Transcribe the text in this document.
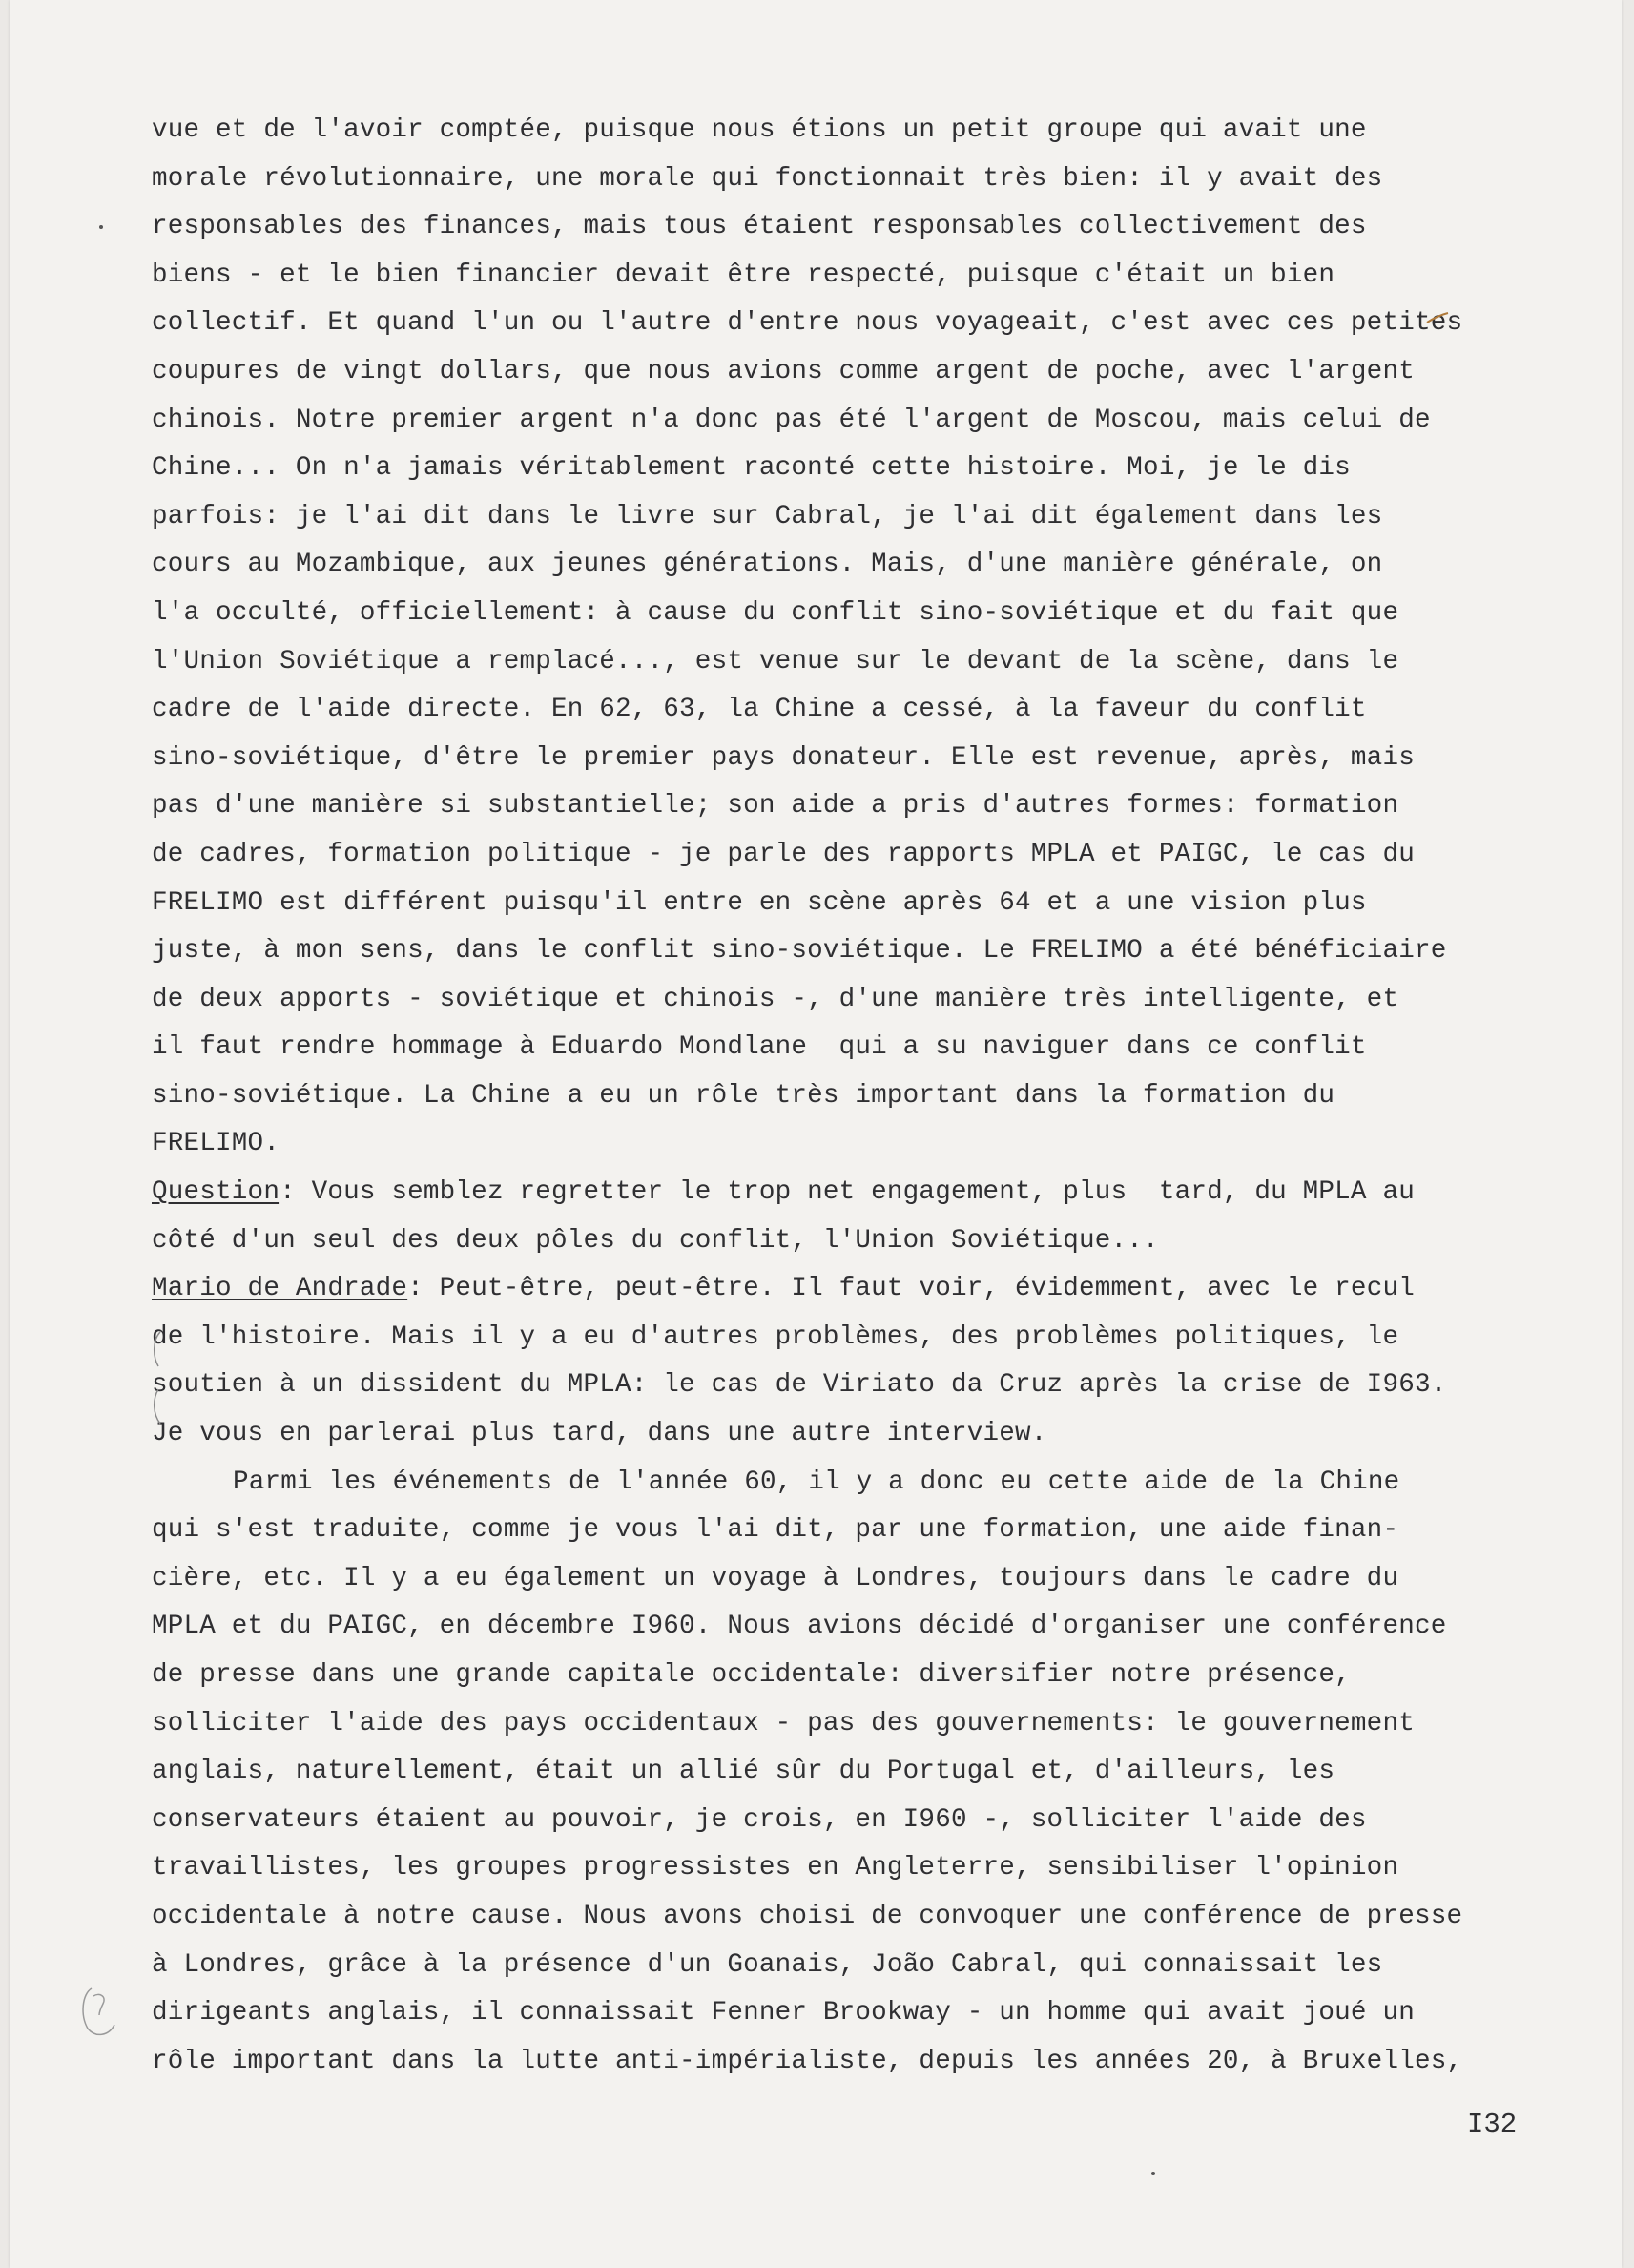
vue et de l'avoir comptée, puisque nous étions un petit groupe qui avait une
morale révolutionnaire, une morale qui fonctionnait très bien: il y avait des
responsables des finances, mais tous étaient responsables collectivement des
biens - et le bien financier devait être respecté, puisque c'était un bien
collectif. Et quand l'un ou l'autre d'entre nous voyageait, c'est avec ces petites
coupures de vingt dollars, que nous avions comme argent de poche, avec l'argent
chinois. Notre premier argent n'a donc pas été l'argent de Moscou, mais celui de
Chine... On n'a jamais véritablement raconté cette histoire. Moi, je le dis
parfois: je l'ai dit dans le livre sur Cabral, je l'ai dit également dans les
cours au Mozambique, aux jeunes générations. Mais, d'une manière générale, on
l'a occulté, officiellement: à cause du conflit sino-soviétique et du fait que
l'Union Soviétique a remplacé..., est venue sur le devant de la scène, dans le
cadre de l'aide directe. En 62, 63, la Chine a cessé, à la faveur du conflit
sino-soviétique, d'être le premier pays donateur. Elle est revenue, après, mais
pas d'une manière si substantielle; son aide a pris d'autres formes: formation
de cadres, formation politique - je parle des rapports MPLA et PAIGC, le cas du
FRELIMO est différent puisqu'il entre en scène après 64 et a une vision plus
juste, à mon sens, dans le conflit sino-soviétique. Le FRELIMO a été bénéficiaire
de deux apports - soviétique et chinois -, d'une manière très intelligente, et
il faut rendre hommage à Eduardo Mondlane  qui a su naviguer dans ce conflit
sino-soviétique. La Chine a eu un rôle très important dans la formation du
FRELIMO.
Question: Vous semblez regretter le trop net engagement, plus  tard, du MPLA au
côté d'un seul des deux pôles du conflit, l'Union Soviétique...
Mario de Andrade: Peut-être, peut-être. Il faut voir, évidemment, avec le recul
de l'histoire. Mais il y a eu d'autres problèmes, des problèmes politiques, le
soutien à un dissident du MPLA: le cas de Viriato da Cruz après la crise de I963.
Je vous en parlerai plus tard, dans une autre interview.
Parmi les événements de l'année 60, il y a donc eu cette aide de la Chine
qui s'est traduite, comme je vous l'ai dit, par une formation, une aide finan-
cière, etc. Il y a eu également un voyage à Londres, toujours dans le cadre du
MPLA et du PAIGC, en décembre I960. Nous avions décidé d'organiser une conférence
de presse dans une grande capitale occidentale: diversifier notre présence,
solliciter l'aide des pays occidentaux - pas des gouvernements: le gouvernement
anglais, naturellement, était un allié sûr du Portugal et, d'ailleurs, les
conservateurs étaient au pouvoir, je crois, en I960 -, solliciter l'aide des
travaillistes, les groupes progressistes en Angleterre, sensibiliser l'opinion
occidentale à notre cause. Nous avons choisi de convoquer une conférence de presse
à Londres, grâce à la présence d'un Goanais, João Cabral, qui connaissait les
dirigeants anglais, il connaissait Fenner Brookway - un homme qui avait joué un
rôle important dans la lutte anti-impérialiste, depuis les années 20, à Bruxelles,
I32
